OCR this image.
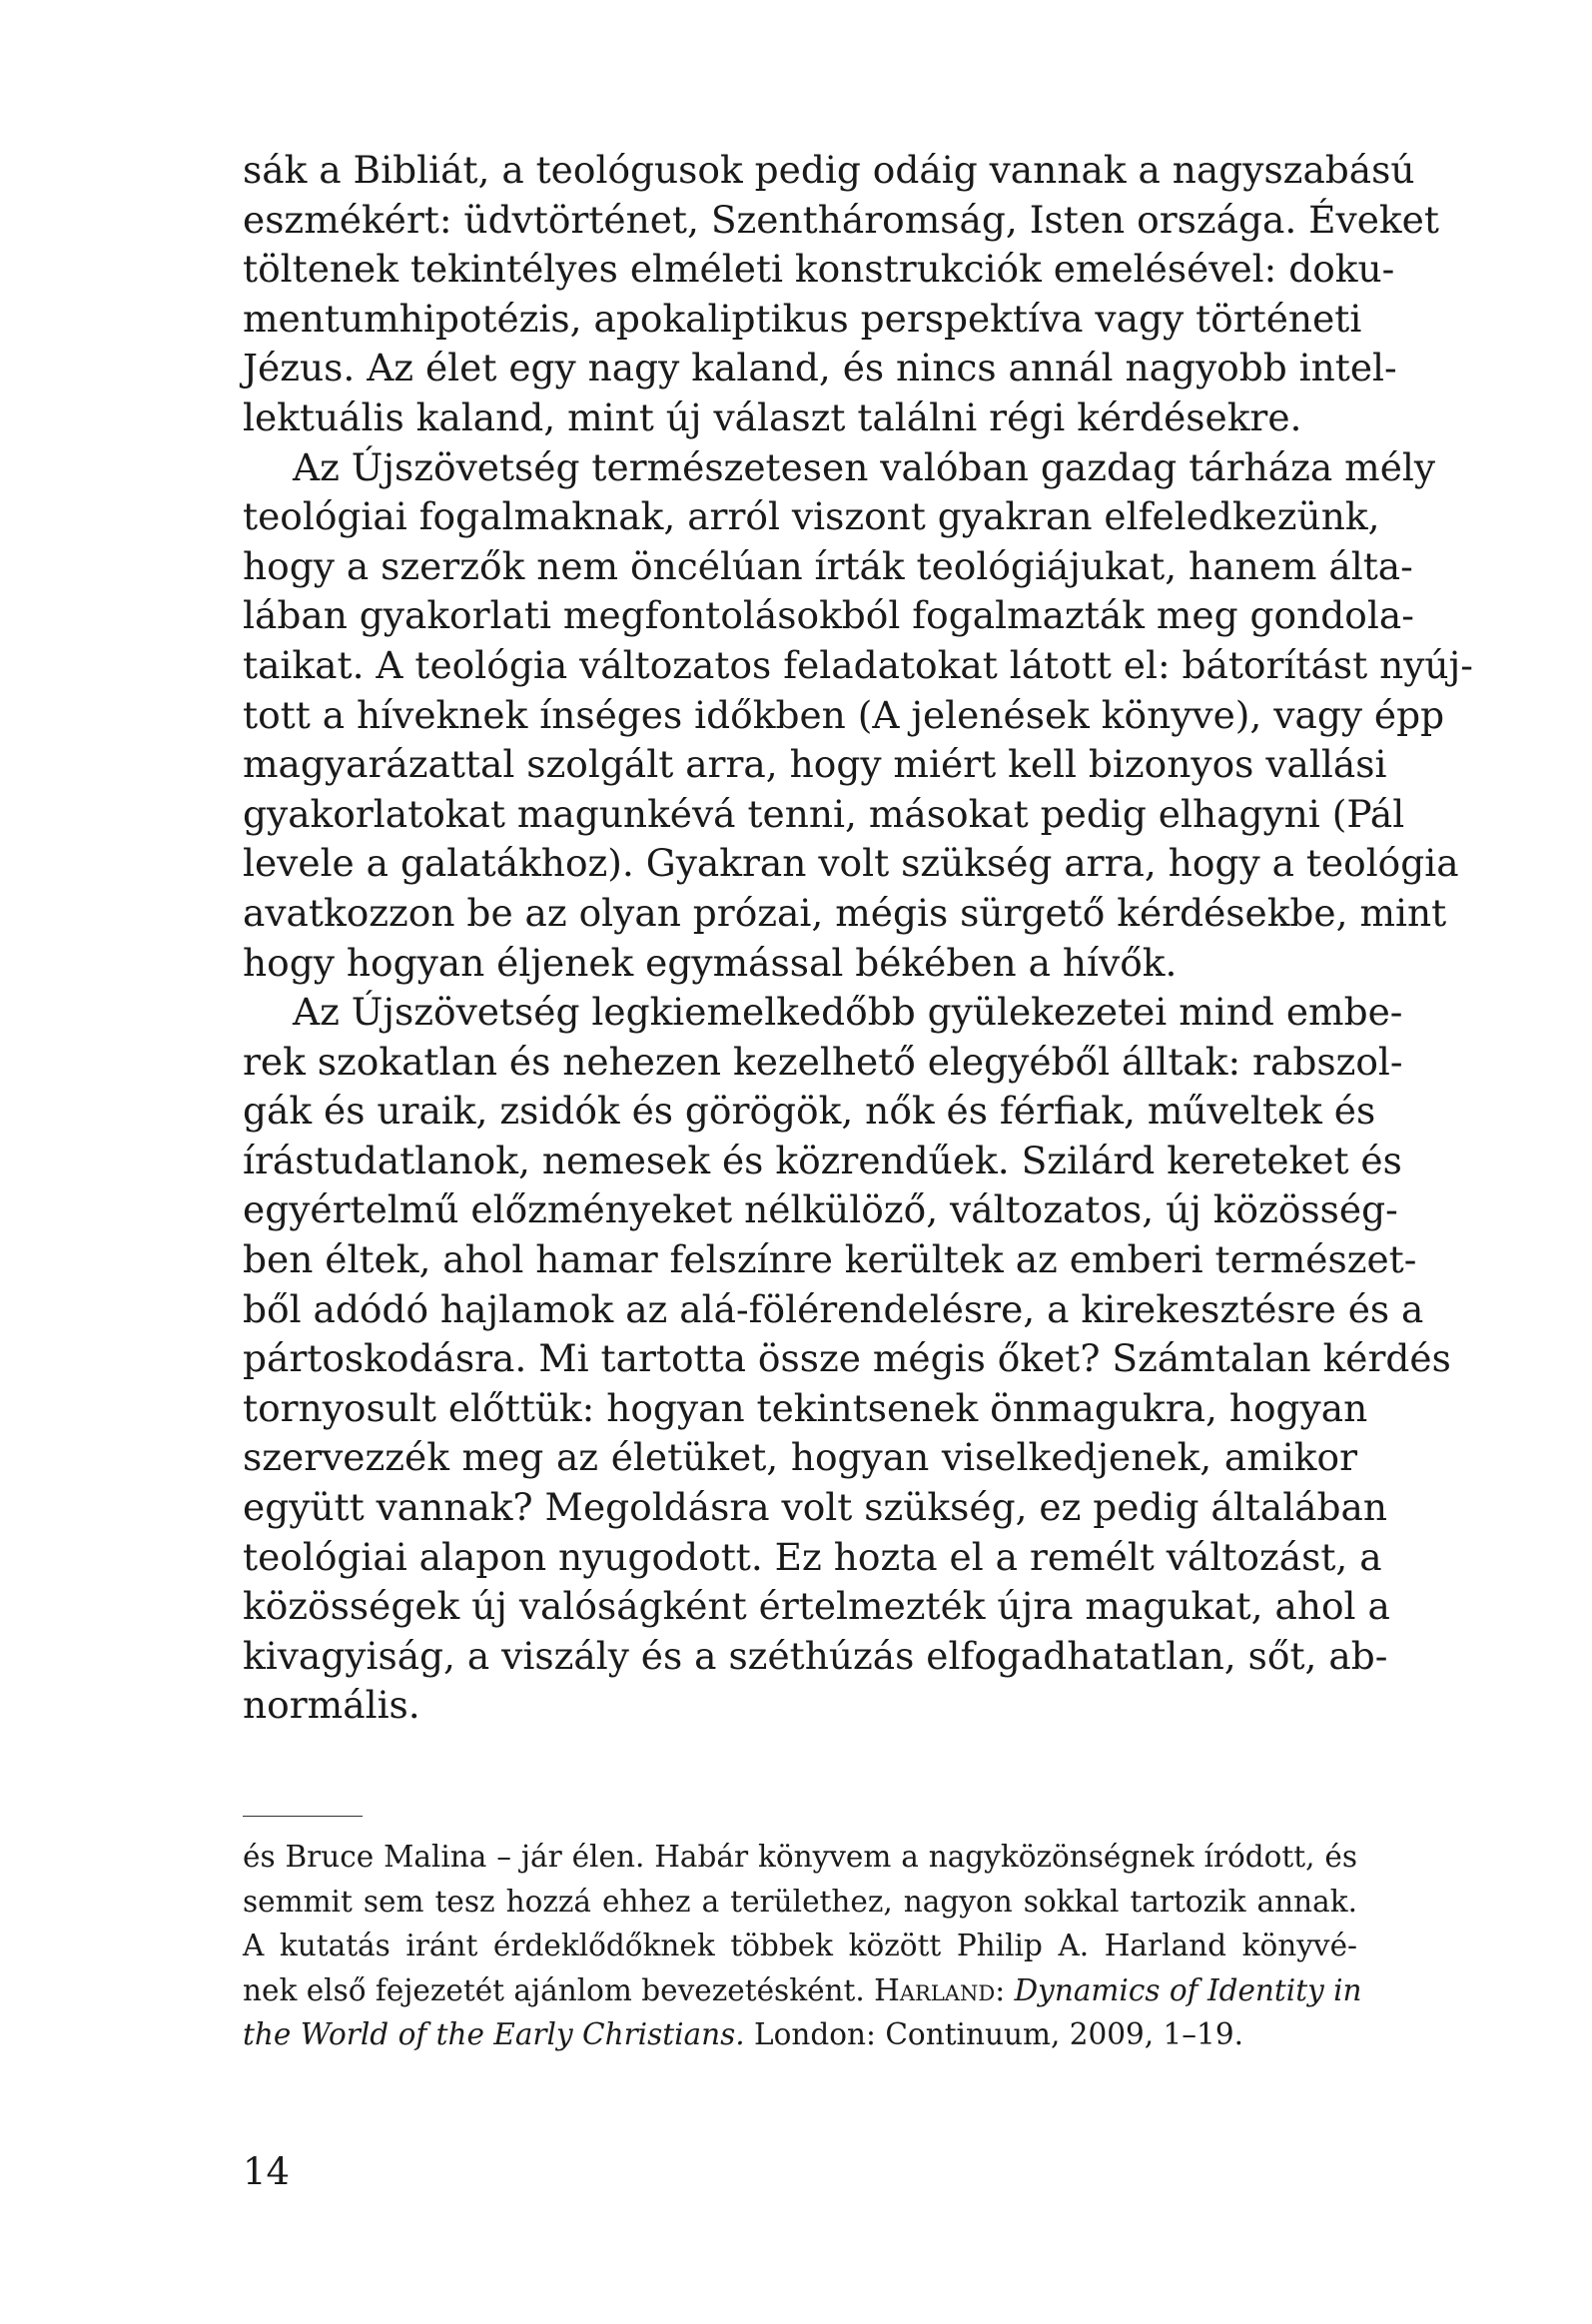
sák a Bibliát, a teológusok pedig odáig vannak a nagyszabású
eszmékért: üdvtörténet, Szentháromság, Isten országa. Éveket
töltenek tekintélyes elméleti konstrukciók emelésével: doku-
mentumhipotézis, apokaliptikus perspektíva vagy történeti
Jézus. Az élet egy nagy kaland, és nincs annál nagyobb intel-
lektuális kaland, mint új választ találni régi kérdésekre.
Az Újszövetség természetesen valóban gazdag tárháza mély
teológiai fogalmaknak, arról viszont gyakran elfeledkezünk,
hogy a szerzők nem öncélúan írták teológiájukat, hanem álta-
lában gyakorlati megfontolásokból fogalmazták meg gondola-
taikat. A teológia változatos feladatokat látott el: bátorítást nyúj-
tott a híveknek ínséges időkben (A jelenések könyve), vagy épp
magyarázattal szolgált arra, hogy miért kell bizonyos vallási
gyakorlatokat magunkévá tenni, másokat pedig elhagyni (Pál
levele a galatákhoz). Gyakran volt szükség arra, hogy a teológia
avatkozzon be az olyan prózai, mégis sürgető kérdésekbe, mint
hogy hogyan éljenek egymással békében a hívők.
Az Újszövetség legkiemelkedőbb gyülekezetei mind embe-
rek szokatlan és nehezen kezelhető elegyéből álltak: rabszol-
gák és uraik, zsidók és görögök, nők és férfiak, műveltek és
írástudatlanok, nemesek és közrendűek. Szilárd kereteket és
egyértelmű előzményeket nélkülöző, változatos, új közösség-
ben éltek, ahol hamar felszínre kerültek az emberi természet-
ből adódó hajlamok az alá-fölérendelésre, a kirekesztésre és a
pártoskodásra. Mi tartotta össze mégis őket? Számtalan kérdés
tornyosult előttük: hogyan tekintsenek önmagukra, hogyan
szervezzék meg az életüket, hogyan viselkedjenek, amikor
együtt vannak? Megoldásra volt szükség, ez pedig általában
teológiai alapon nyugodott. Ez hozta el a remélt változást, a
közösségek új valóságként értelmezték újra magukat, ahol a
kivagyiság, a viszály és a széthúzás elfogadhatatlan, sőt, ab-
normális.
és Bruce Malina – jár élen. Habár könyvem a nagyközönségnek íródott, és
semmit sem tesz hozzá ehhez a területhez, nagyon sokkal tartozik annak.
A kutatás iránt érdeklődőknek többek között Philip A. Harland könyvé-
nek első fejezetét ajánlom bevezetésként. Harland: Dynamics of Identity in
the World of the Early Christians. London: Continuum, 2009, 1–19.
14
